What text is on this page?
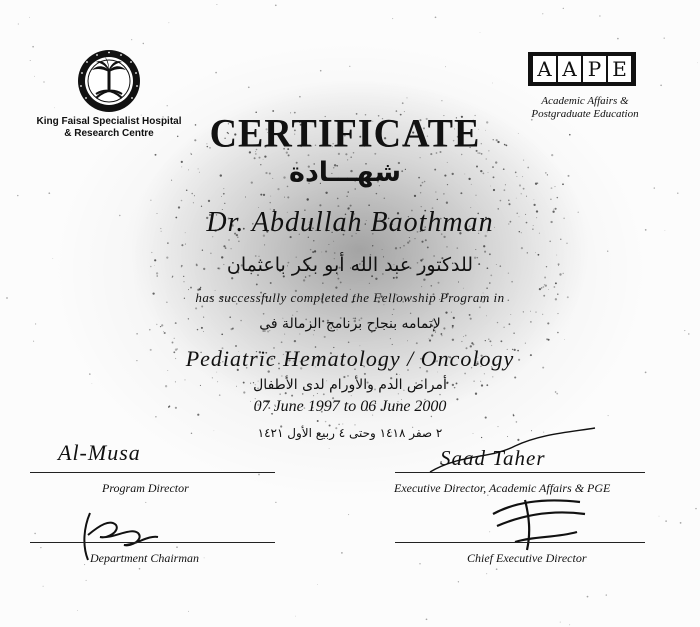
King Faisal Specialist Hospital
& Research Centre
A A P E
Academic Affairs &
Postgraduate Education
CERTIFICATE
شهـــادة
Dr. Abdullah Baothman
للدكتور عبد الله أبو بكر باعثمان
has successfully completed the Fellowship Program in
لإتمامه بنجاح برنامج الزمالة في
Pediatric Hematology / Oncology
أمراض الدم والأورام لدى الأطفال
07 June 1997 to 06 June 2000
٢ صفر ١٤١٨ وحتى ٤ ربيع الأول ١٤٢١
Al-Musa
Program Director
Saad Taher
Executive Director, Academic Affairs & PGE
Department Chairman	Chief Executive Director
